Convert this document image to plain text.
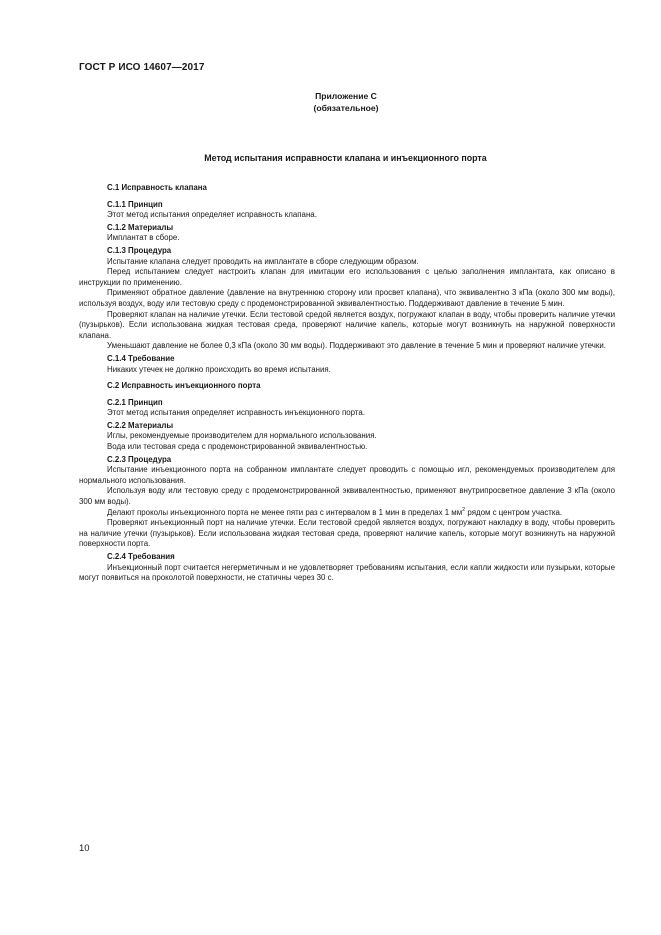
ГОСТ Р ИСО 14607—2017
Приложение С
(обязательное)
Метод испытания исправности клапана и инъекционного порта
С.1 Исправность клапана
С.1.1 Принцип
Этот метод испытания определяет исправность клапана.
С.1.2 Материалы
Имплантат в сборе.
С.1.3 Процедура
Испытание клапана следует проводить на имплантате в сборе следующим образом.
Перед испытанием следует настроить клапан для имитации его использования с целью заполнения имплантата, как описано в инструкции по применению.
Применяют обратное давление (давление на внутреннюю сторону или просвет клапана), что эквивалентно 3 кПа (около 300 мм воды), используя воздух, воду или тестовую среду с продемонстрированной эквивалентностью. Поддерживают давление в течение 5 мин.
Проверяют клапан на наличие утечки. Если тестовой средой является воздух, погружают клапан в воду, чтобы проверить наличие утечки (пузырьков). Если использована жидкая тестовая среда, проверяют наличие капель, которые могут возникнуть на наружной поверхности клапана.
Уменьшают давление не более 0,3 кПа (около 30 мм воды). Поддерживают это давление в течение 5 мин и проверяют наличие утечки.
С.1.4 Требование
Никаких утечек не должно происходить во время испытания.
С.2 Исправность инъекционного порта
С.2.1 Принцип
Этот метод испытания определяет исправность инъекционного порта.
С.2.2 Материалы
Иглы, рекомендуемые производителем для нормального использования.
Вода или тестовая среда с продемонстрированной эквивалентностью.
С.2.3 Процедура
Испытание инъекционного порта на собранном имплантате следует проводить с помощью игл, рекомендуемых производителем для нормального использования.
Используя воду или тестовую среду с продемонстрированной эквивалентностью, применяют внутрипросветное давление 3 кПа (около 300 мм воды).
Делают проколы инъекционного порта не менее пяти раз с интервалом в 1 мин в пределах 1 $мм^2$ рядом с центром участка.
Проверяют инъекционный порт на наличие утечки. Если тестовой средой является воздух, погружают накладку в воду, чтобы проверить на наличие утечки (пузырьков). Если использована жидкая тестовая среда, проверяют наличие капель, которые могут возникнуть на наружной поверхности порта.
С.2.4 Требования
Инъекционный порт считается негерметичным и не удовлетворяет требованиям испытания, если капли жидкости или пузырьки, которые могут появиться на проколотой поверхности, не статичны через 30 с.
10
